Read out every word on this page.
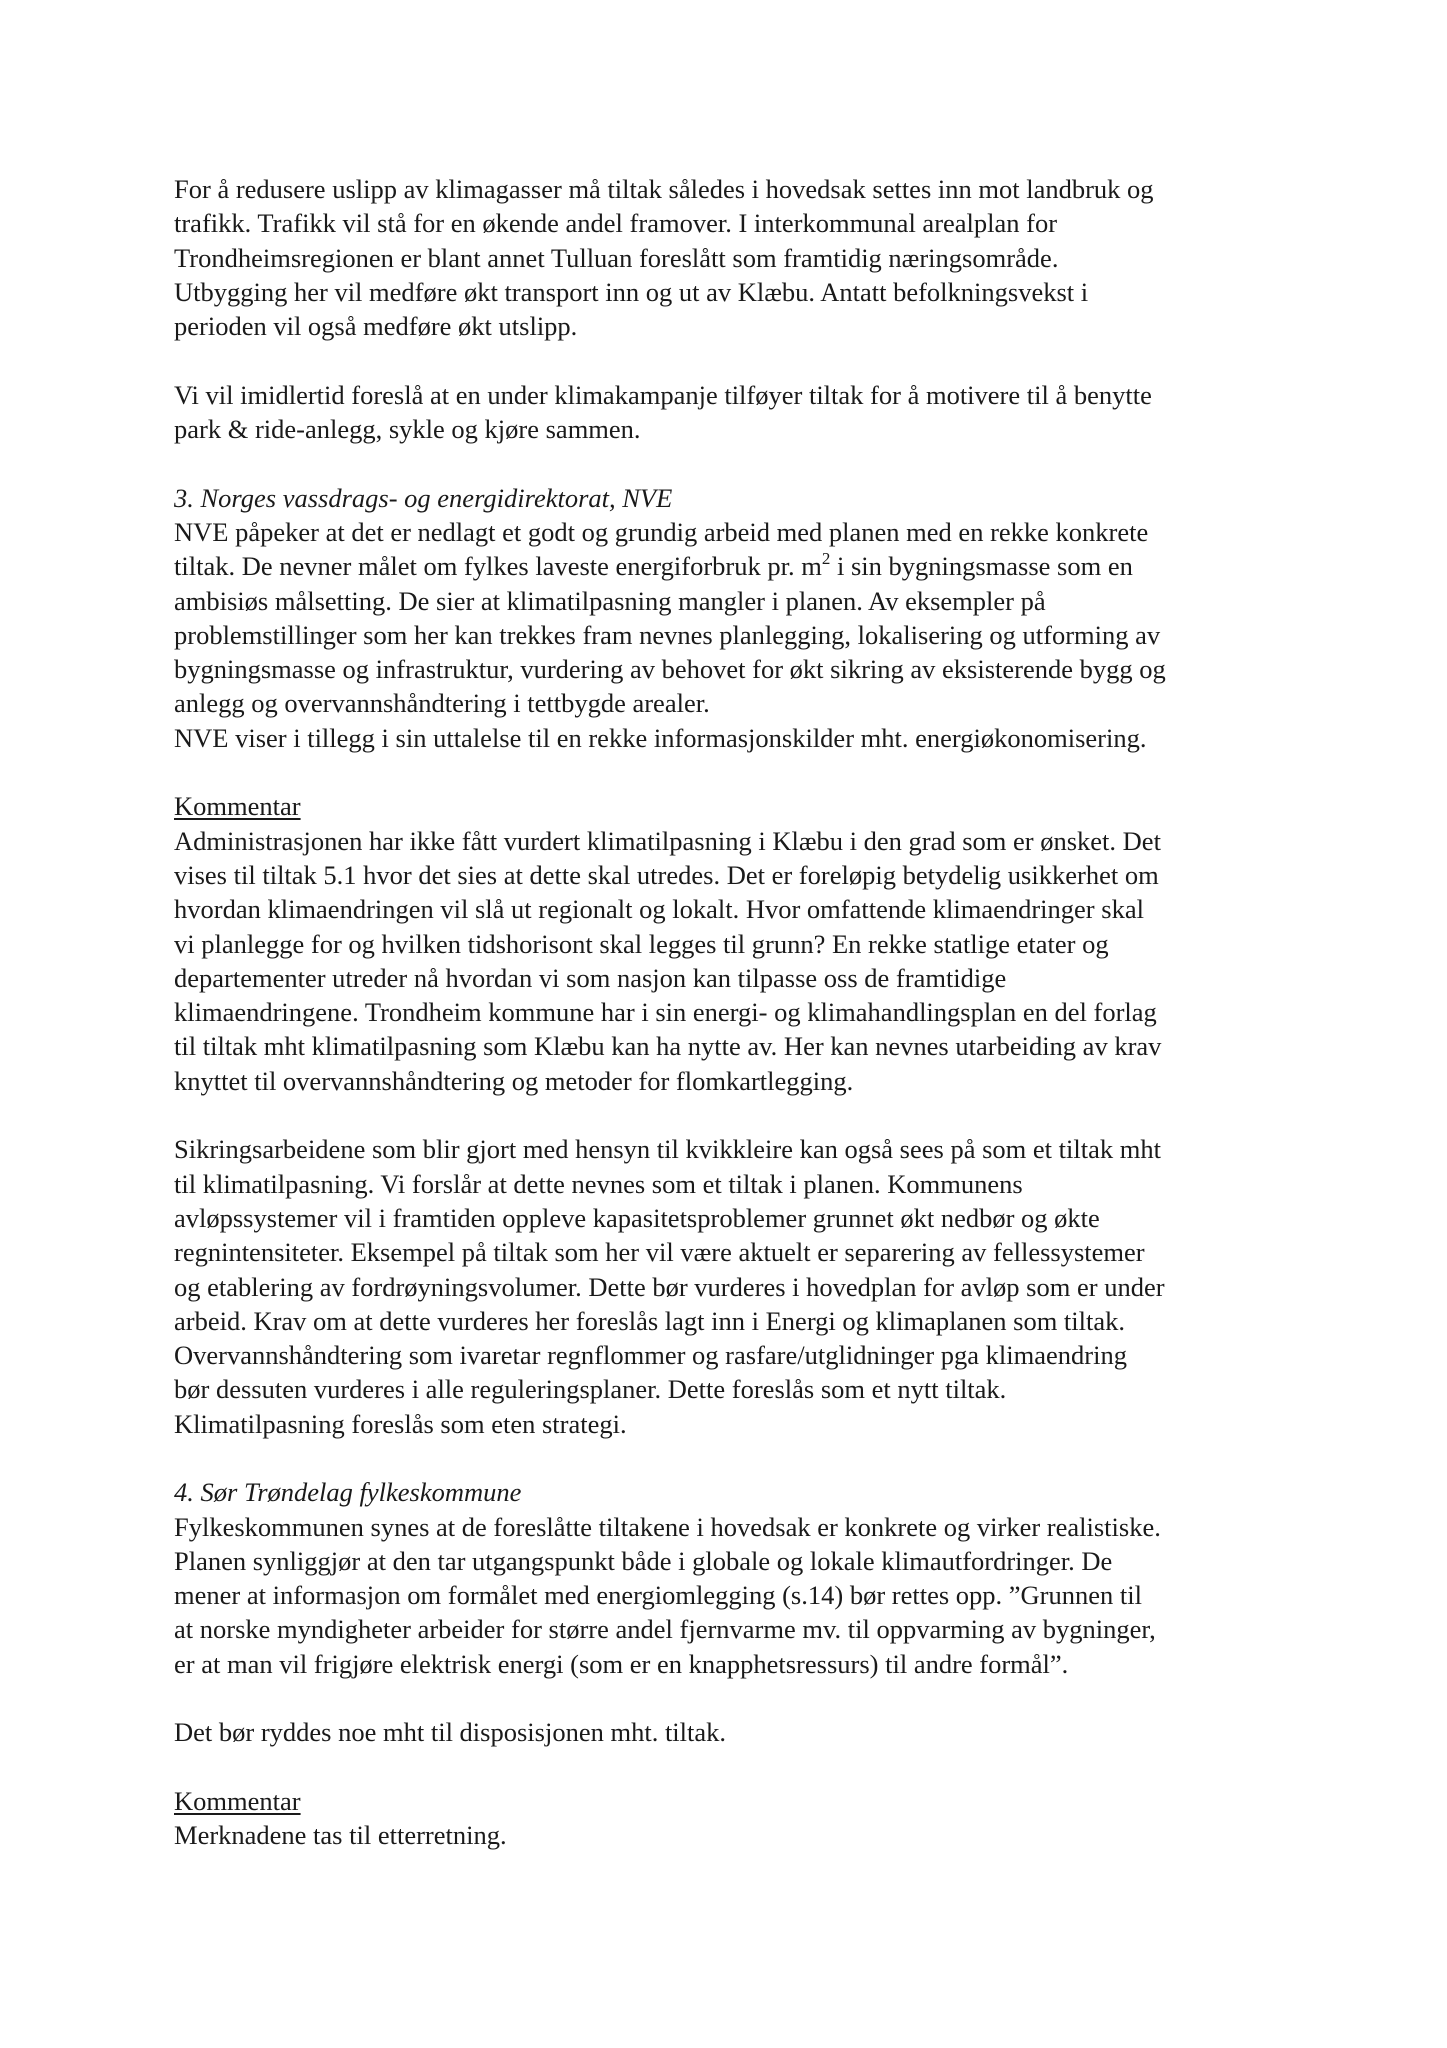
For å redusere uslipp av klimagasser må tiltak således i hovedsak settes inn mot landbruk og

trafikk. Trafikk vil stå for en økende andel framover. I interkommunal arealplan for

Trondheimsregionen er blant annet Tulluan foreslått som framtidig næringsområde.

Utbygging her vil medføre økt transport inn og ut av Klæbu. Antatt befolkningsvekst i

perioden vil også medføre økt utslipp.

Vi vil imidlertid foreslå at en under klimakampanje tilføyer tiltak for å motivere til å benytte

park & ride-anlegg, sykle og kjøre sammen.

3. Norges vassdrags- og energidirektorat, NVE

NVE påpeker at det er nedlagt et godt og grundig arbeid med planen med en rekke konkrete

tiltak. De nevner målet om fylkes laveste energiforbruk pr. $m^2$ i sin bygningsmasse som en

ambisiøs målsetting. De sier at klimatilpasning mangler i planen. Av eksempler på

problemstillinger som her kan trekkes fram nevnes planlegging, lokalisering og utforming av

bygningsmasse og infrastruktur, vurdering av behovet for økt sikring av eksisterende bygg og

anlegg og overvannshåndtering i tettbygde arealer.

NVE viser i tillegg i sin uttalelse til en rekke informasjonskilder mht. energiøkonomisering.

Kommentar

Administrasjonen har ikke fått vurdert klimatilpasning i Klæbu i den grad som er ønsket. Det

vises til tiltak 5.1 hvor det sies at dette skal utredes. Det er foreløpig betydelig usikkerhet om

hvordan klimaendringen vil slå ut regionalt og lokalt. Hvor omfattende klimaendringer skal

vi planlegge for og hvilken tidshorisont skal legges til grunn? En rekke statlige etater og

departementer utreder nå hvordan vi som nasjon kan tilpasse oss de framtidige

klimaendringene. Trondheim kommune har i sin energi- og klimahandlingsplan en del forlag

til tiltak mht klimatilpasning som Klæbu kan ha nytte av. Her kan nevnes utarbeiding av krav

knyttet til overvannshåndtering og metoder for flomkartlegging.

Sikringsarbeidene som blir gjort med hensyn til kvikkleire kan også sees på som et tiltak mht

til klimatilpasning. Vi forslår at dette nevnes som et tiltak i planen. Kommunens

avløpssystemer vil i framtiden oppleve kapasitetsproblemer grunnet økt nedbør og økte

regnintensiteter. Eksempel på tiltak som her vil være aktuelt er separering av fellessystemer

og etablering av fordrøyningsvolumer. Dette bør vurderes i hovedplan for avløp som er under

arbeid. Krav om at dette vurderes her foreslås lagt inn i Energi og klimaplanen som tiltak.

Overvannshåndtering som ivaretar regnflommer og rasfare/utglidninger pga klimaendring

bør dessuten vurderes i alle reguleringsplaner. Dette foreslås som et nytt tiltak.

Klimatilpasning foreslås som eten strategi.

4. Sør Trøndelag fylkeskommune

Fylkeskommunen synes at de foreslåtte tiltakene i hovedsak er konkrete og virker realistiske.

Planen synliggjør at den tar utgangspunkt både i globale og lokale klimautfordringer. De

mener at informasjon om formålet med energiomlegging (s.14) bør rettes opp. ”Grunnen til

at norske myndigheter arbeider for større andel fjernvarme mv. til oppvarming av bygninger,

er at man vil frigjøre elektrisk energi (som er en knapphetsressurs) til andre formål”.

Det bør ryddes noe mht til disposisjonen mht. tiltak.

Kommentar

Merknadene tas til etterretning.
